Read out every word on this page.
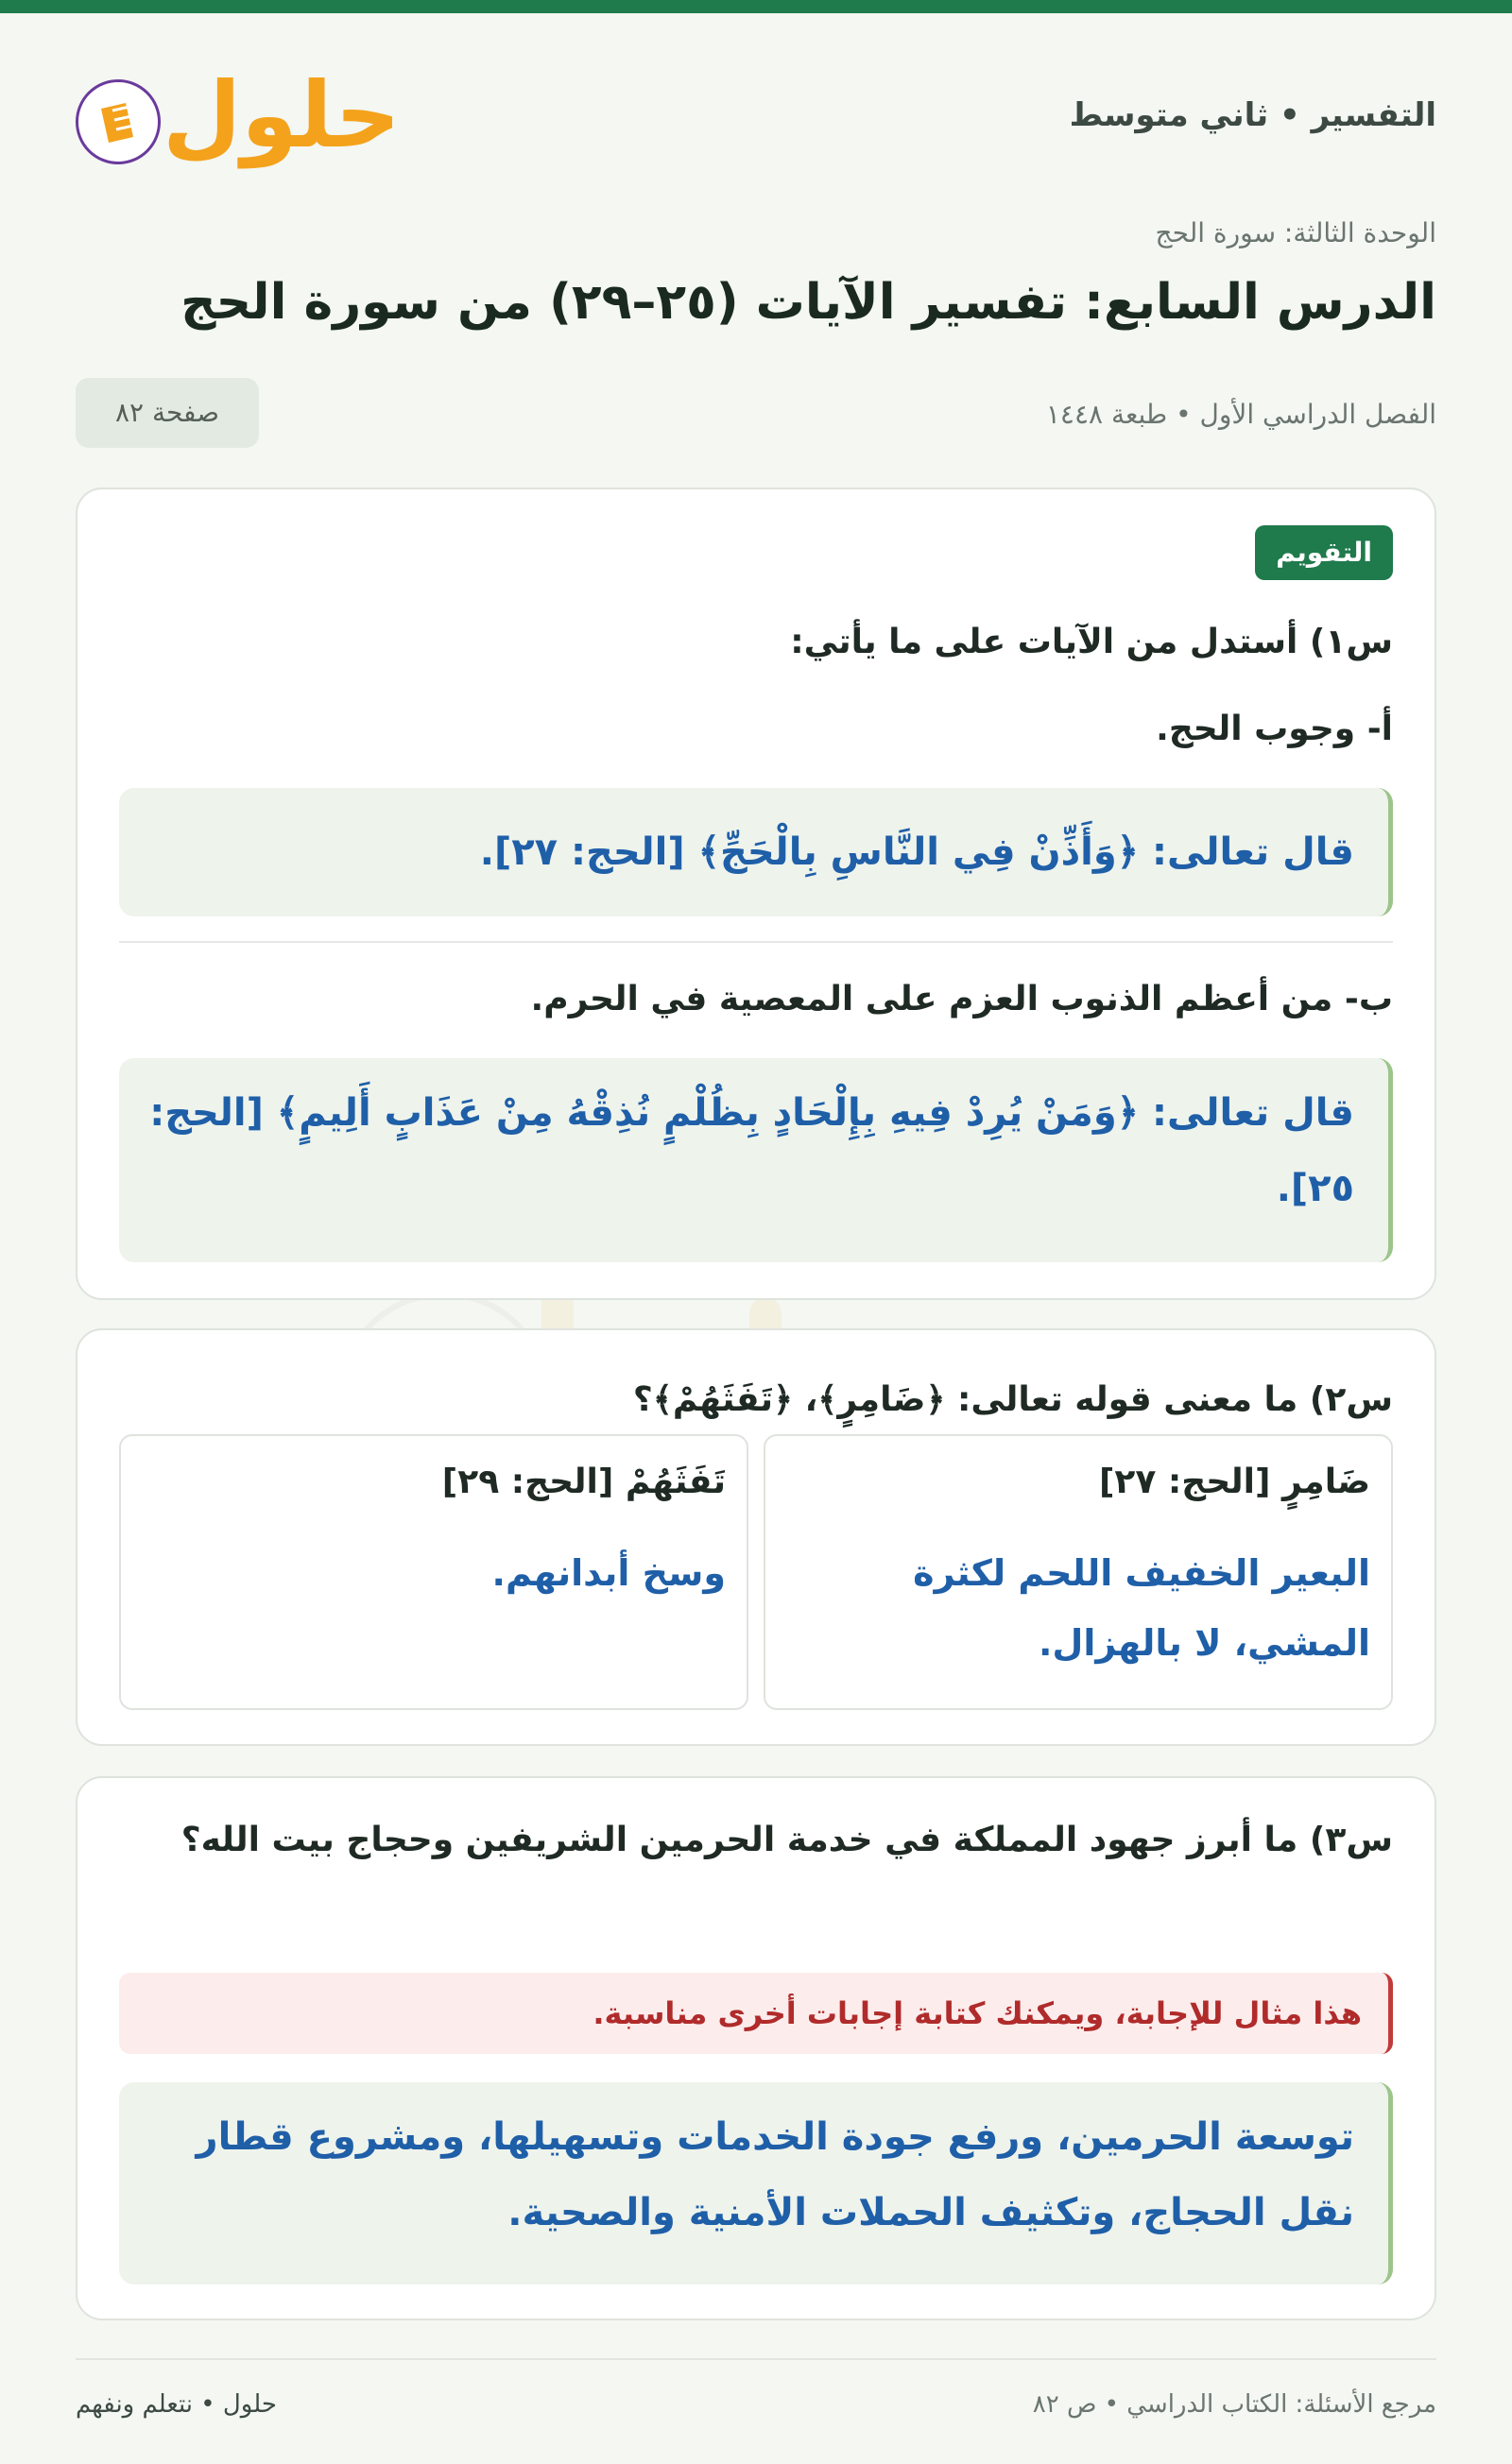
التفسير • ثاني متوسط
حلول
الوحدة الثالثة: سورة الحج
الدرس السابع: تفسير الآيات (٢٥–٢٩) من سورة الحج
الفصل الدراسي الأول • طبعة ١٤٤٨
صفحة ٨٢
التقويم
س١) أستدل من الآيات على ما يأتي:
أ- وجوب الحج.
قال تعالى: ﴿وَأَذِّنْ فِي النَّاسِ بِالْحَجِّ﴾ [الحج: ٢٧].
ب- من أعظم الذنوب العزم على المعصية في الحرم.
قال تعالى: ﴿وَمَنْ يُرِدْ فِيهِ بِإِلْحَادٍ بِظُلْمٍ نُذِقْهُ مِنْ عَذَابٍ أَلِيمٍ﴾ [الحج: ٢٥].
س٢) ما معنى قوله تعالى: ﴿ضَامِرٍ﴾، ﴿تَفَثَهُمْ﴾؟
ضَامِرٍ [الحج: ٢٧]
البعير الخفيف اللحم لكثرة المشي، لا بالهزال.
تَفَثَهُمْ [الحج: ٢٩]
وسخ أبدانهم.
س٣) ما أبرز جهود المملكة في خدمة الحرمين الشريفين وحجاج بيت الله؟
هذا مثال للإجابة، ويمكنك كتابة إجابات أخرى مناسبة.
توسعة الحرمين، ورفع جودة الخدمات وتسهيلها، ومشروع قطار نقل الحجاج، وتكثيف الحملات الأمنية والصحية.
مرجع الأسئلة: الكتاب الدراسي • ص ٨٢
حلول • نتعلم ونفهم
